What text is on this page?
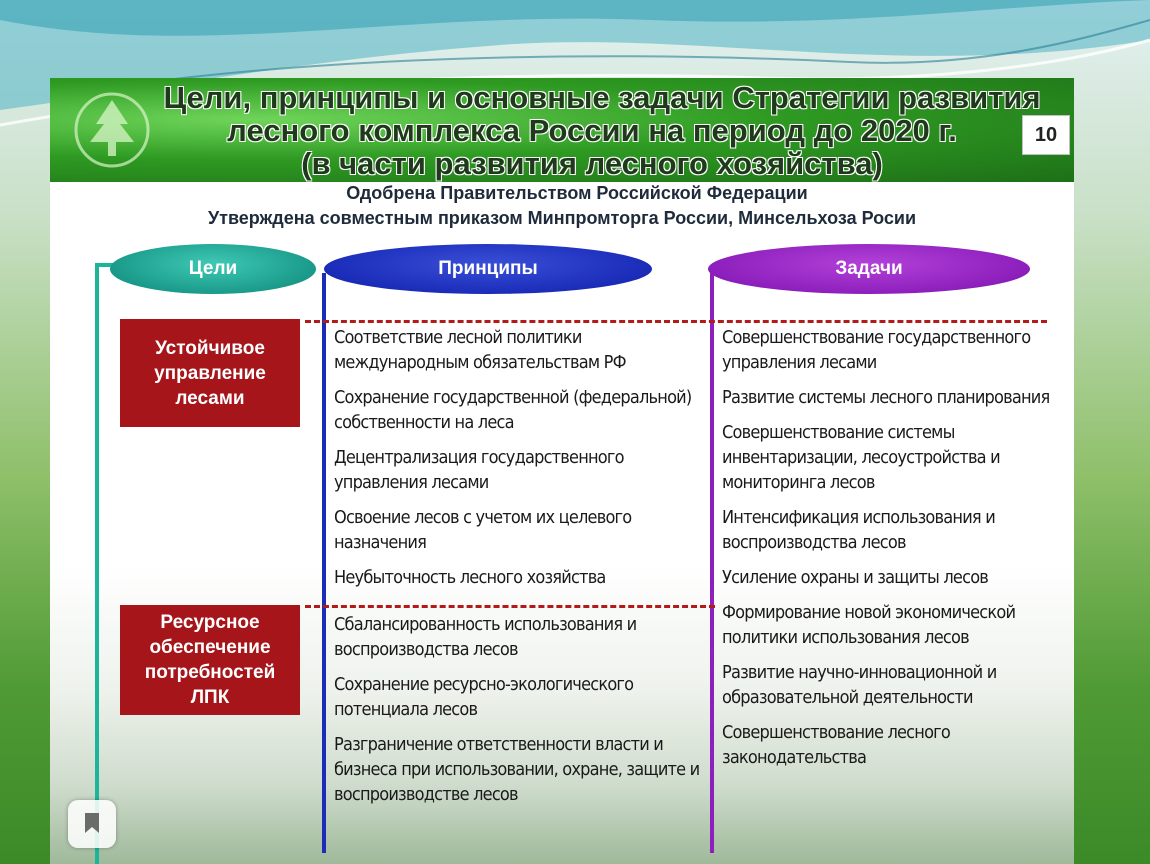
Цели, принципы и основные задачи Стратегии развития
лесного комплекса России на период до 2020 г.
(в части развития лесного хозяйства)
10
Одобрена Правительством Российской Федерации
Утверждена совместным приказом Минпромторга России, Минсельхоза Росии
Цели	Принципы	Задачи
Устойчивое
управление
лесами
Ресурсное
обеспечение
потребностей
ЛПК

Соответствие лесной политики международным обязательствам РФ

Сохранение государственной (федеральной) собственности на леса

Децентрализация государственного управления лесами

Освоение лесов с учетом их целевого назначения

Неубыточность лесного хозяйства

Сбалансированность использования и воспроизводства лесов

Сохранение ресурсно-экологического потенциала лесов

Разграничение ответственности власти и бизнеса при использовании, охране, защите и воспроизводстве лесов

Совершенствование государственного управления лесами

Развитие системы лесного планирования

Совершенствование системы инвентаризации, лесоустройства и мониторинга лесов

Интенсификация использования и воспроизводства лесов

Усиление охраны и защиты лесов

Формирование новой экономической политики использования лесов

Развитие научно-инновационной и образовательной деятельности

Совершенствование лесного законодательства
